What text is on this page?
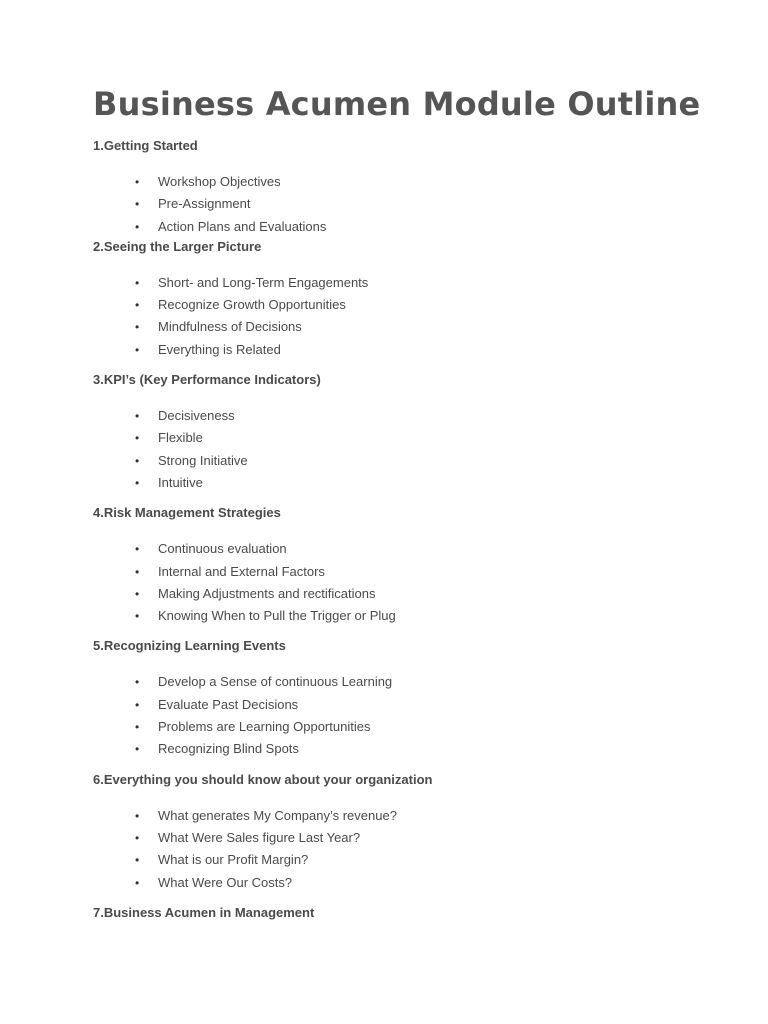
Business Acumen Module Outline

1.Getting Started

• Workshop Objectives
• Pre-Assignment
• Action Plans and Evaluations

2.Seeing the Larger Picture

• Short- and Long-Term Engagements
• Recognize Growth Opportunities
• Mindfulness of Decisions
• Everything is Related

3.KPI’s (Key Performance Indicators)

• Decisiveness
• Flexible
• Strong Initiative
• Intuitive

4.Risk Management Strategies

• Continuous evaluation
• Internal and External Factors
• Making Adjustments and rectifications
• Knowing When to Pull the Trigger or Plug

5.Recognizing Learning Events

• Develop a Sense of continuous Learning
• Evaluate Past Decisions
• Problems are Learning Opportunities
• Recognizing Blind Spots

6.Everything you should know about your organization

• What generates My Company’s revenue?
• What Were Sales figure Last Year?
• What is our Profit Margin?
• What Were Our Costs?

7.Business Acumen in Management
